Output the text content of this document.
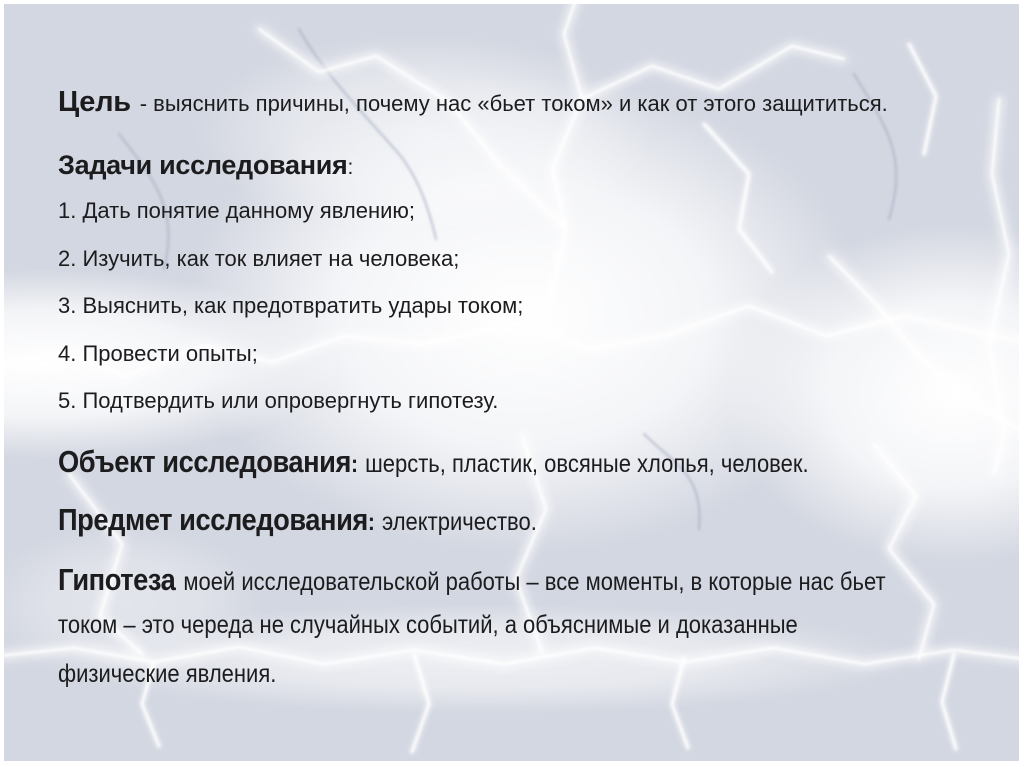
Цель - выяснить причины, почему нас «бьет током» и как от этого защититься.
Задачи исследования:
1. Дать понятие данному явлению;
2. Изучить, как ток влияет на человека;
3. Выяснить, как предотвратить удары током;
4. Провести опыты;
5. Подтвердить или опровергнуть гипотезу.
Объект исследования: шерсть, пластик, овсяные хлопья, человек.
Предмет исследования: электричество.
Гипотеза моей исследовательской работы – все моменты, в которые нас бьет
током – это череда не случайных событий, а объяснимые и доказанные
физические явления.
